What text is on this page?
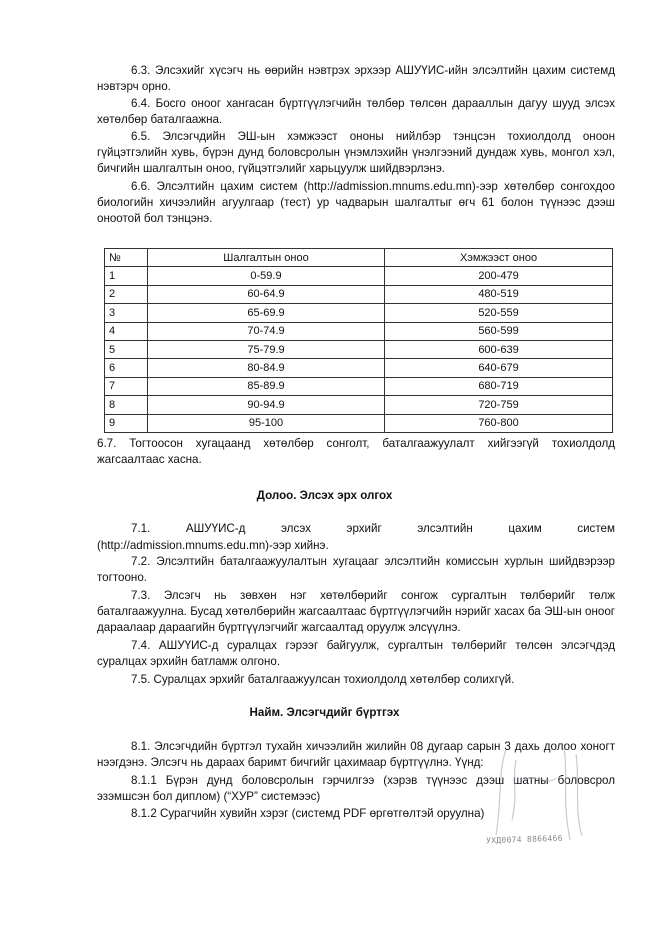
6.3. Элсэхийг хүсэгч нь өөрийн нэвтрэх эрхээр АШУҮИС-ийн элсэлтийн цахим системд нэвтэрч орно.
6.4. Босго оноог хангасан бүртгүүлэгчийн төлбөр төлсөн дарааллын дагуу шууд элсэх хөтөлбөр баталгаажна.
6.5. Элсэгчдийн ЭШ-ын хэмжээст ононы нийлбэр тэнцсэн тохиолдолд оноон гүйцэтгэлийн хувь, бүрэн дунд боловсролын үнэмлэхийн үнэлгээний дундаж хувь, монгол хэл, бичгийн шалгалтын оноо, гүйцэтгэлийг харьцуулж шийдвэрлэнэ.
6.6. Элсэлтийн цахим систем (http://admission.mnums.edu.mn)-ээр хөтөлбөр сонгохдоо биологийн хичээлийн агуулгаар (тест) ур чадварын шалгалтыг өгч 61 болон түүнээс дээш оноотой бол тэнцэнэ.
№	Шалгалтын оноо	Хэмжээст оноо
1	0-59.9	200-479
2	60-64.9	480-519
3	65-69.9	520-559
4	70-74.9	560-599
5	75-79.9	600-639
6	80-84.9	640-679
7	85-89.9	680-719
8	90-94.9	720-759
9	95-100	760-800
6.7. Тогтоосон хугацаанд хөтөлбөр сонголт, баталгаажуулалт хийгээгүй тохиолдолд жагсаалтаас хасна.
Долоо. Элсэх эрх олгох
7.1.	АШУҮИС-д	элсэх	эрхийг	элсэлтийн	цахим	систем
(http://admission.mnums.edu.mn)-ээр хийнэ.
7.2. Элсэлтийн баталгаажуулалтын хугацааг элсэлтийн комиссын хурлын шийдвэрээр тогтооно.
7.3. Элсэгч нь зөвхөн нэг хөтөлбөрийг сонгож сургалтын төлбөрийг төлж баталгаажуулна. Бусад хөтөлбөрийн жагсаалтаас бүртгүүлэгчийн нэрийг хасах ба ЭШ-ын оноог дараалаар дараагийн бүртгүүлэгчийг жагсаалтад оруулж элсүүлнэ.
7.4. АШУҮИС-д суралцах гэрээг байгуулж, сургалтын төлбөрийг төлсөн элсэгчдэд суралцах эрхийн батламж олгоно.
7.5. Суралцах эрхийг баталгаажуулсан тохиолдолд хөтөлбөр солихгүй.
Найм. Элсэгчдийг бүртгэх
8.1. Элсэгчдийн бүртгэл тухайн хичээлийн жилийн 08 дугаар сарын 3 дахь долоо хоногт нээгдэнэ. Элсэгч нь дараах баримт бичгийг цахимаар бүртгүүлнэ. Үүнд:
8.1.1 Бүрэн дунд боловсролын гэрчилгээ (хэрэв түүнээс дээш шатны боловсрол эзэмшсэн бол диплом) (“ХУР” системээс)
8.1.2 Сурагчийн хувийн хэрэг (системд PDF өргөтгөлтэй оруулна)
УХД0074 8866466
